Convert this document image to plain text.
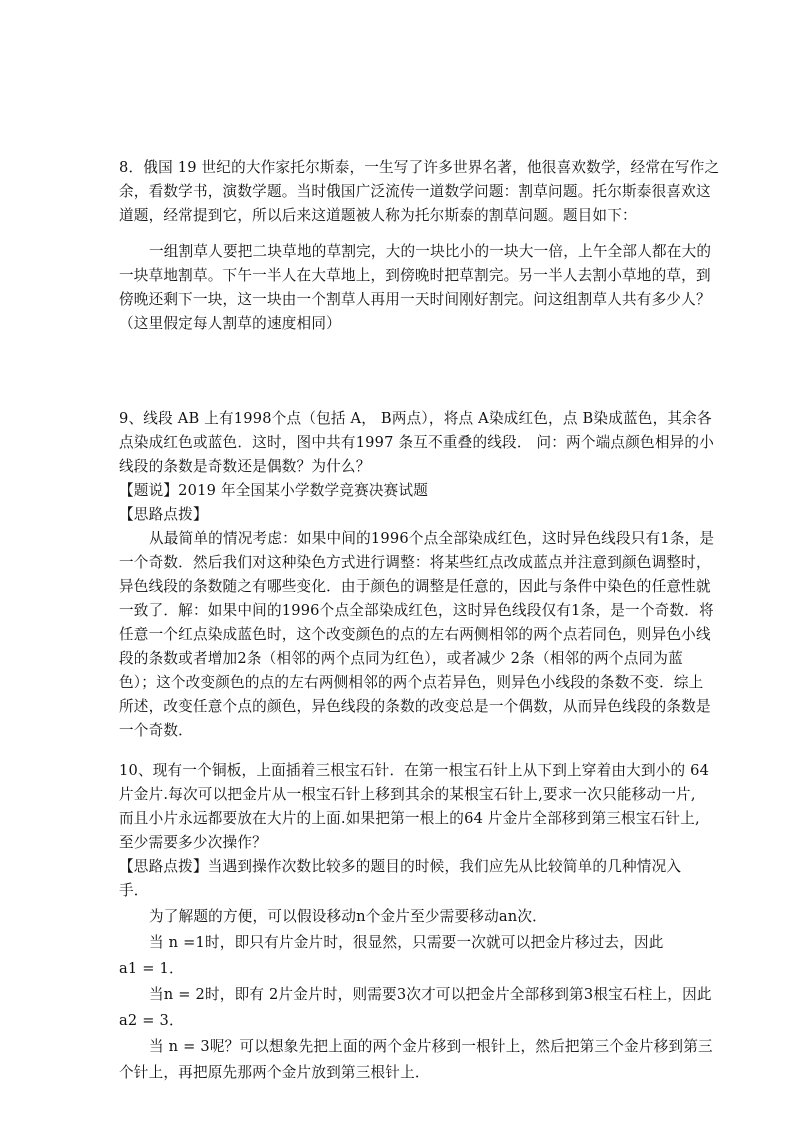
8．俄国 19 世纪的大作家托尔斯泰，一生写了许多世界名著，他很喜欢数学，经常在写作之
余，看数学书，演数学题。当时俄国广泛流传一道数学问题：割草问题。托尔斯泰很喜欢这
道题，经常提到它，所以后来这道题被人称为托尔斯泰的割草问题。题目如下：
一组割草人要把二块草地的草割完，大的一块比小的一块大一倍，上午全部人都在大的
一块草地割草。下午一半人在大草地上，到傍晚时把草割完。另一半人去割小草地的草，到
傍晚还剩下一块，这一块由一个割草人再用一天时间刚好割完。问这组割草人共有多少人？
（这里假定每人割草的速度相同）
9、线段 AB 上有1998个点（包括 A， B两点），将点 A染成红色，点 B染成蓝色，其余各
点染成红色或蓝色．这时，图中共有1997 条互不重叠的线段． 问：两个端点颜色相异的小
线段的条数是奇数还是偶数？为什么？
【题说】2019 年全国某小学数学竞赛决赛试题
【思路点拨】
从最简单的情况考虑：如果中间的1996个点全部染成红色，这时异色线段只有1条，是
一个奇数．然后我们对这种染色方式进行调整：将某些红点改成蓝点并注意到颜色调整时，
异色线段的条数随之有哪些变化．由于颜色的调整是任意的，因此与条件中染色的任意性就
一致了．解：如果中间的1996个点全部染成红色，这时异色线段仅有1条，是一个奇数．将
任意一个红点染成蓝色时，这个改变颜色的点的左右两侧相邻的两个点若同色，则异色小线
段的条数或者增加2条（相邻的两个点同为红色），或者减少 2条（相邻的两个点同为蓝
色）；这个改变颜色的点的左右两侧相邻的两个点若异色，则异色小线段的条数不变．综上
所述，改变任意个点的颜色，异色线段的条数的改变总是一个偶数，从而异色线段的条数是
一个奇数．
10、现有一个铜板，上面插着三根宝石针．在第一根宝石针上从下到上穿着由大到小的 64
片金片.每次可以把金片从一根宝石针上移到其余的某根宝石针上,要求一次只能移动一片,
而且小片永远都要放在大片的上面.如果把第一根上的64 片金片全部移到第三根宝石针上,
至少需要多少次操作？
【思路点拨】当遇到操作次数比较多的题目的时候，我们应先从比较简单的几种情况入
手．
为了解题的方便，可以假设移动n个金片至少需要移动an次．
当 n =1时，即只有片金片时，很显然，只需要一次就可以把金片移过去，因此
a1 = 1．
当n = 2时，即有 2片金片时，则需要3次才可以把金片全部移到第3根宝石柱上，因此
a2 = 3．
当 n = 3呢？可以想象先把上面的两个金片移到一根针上，然后把第三个金片移到第三
个针上，再把原先那两个金片放到第三根针上．
